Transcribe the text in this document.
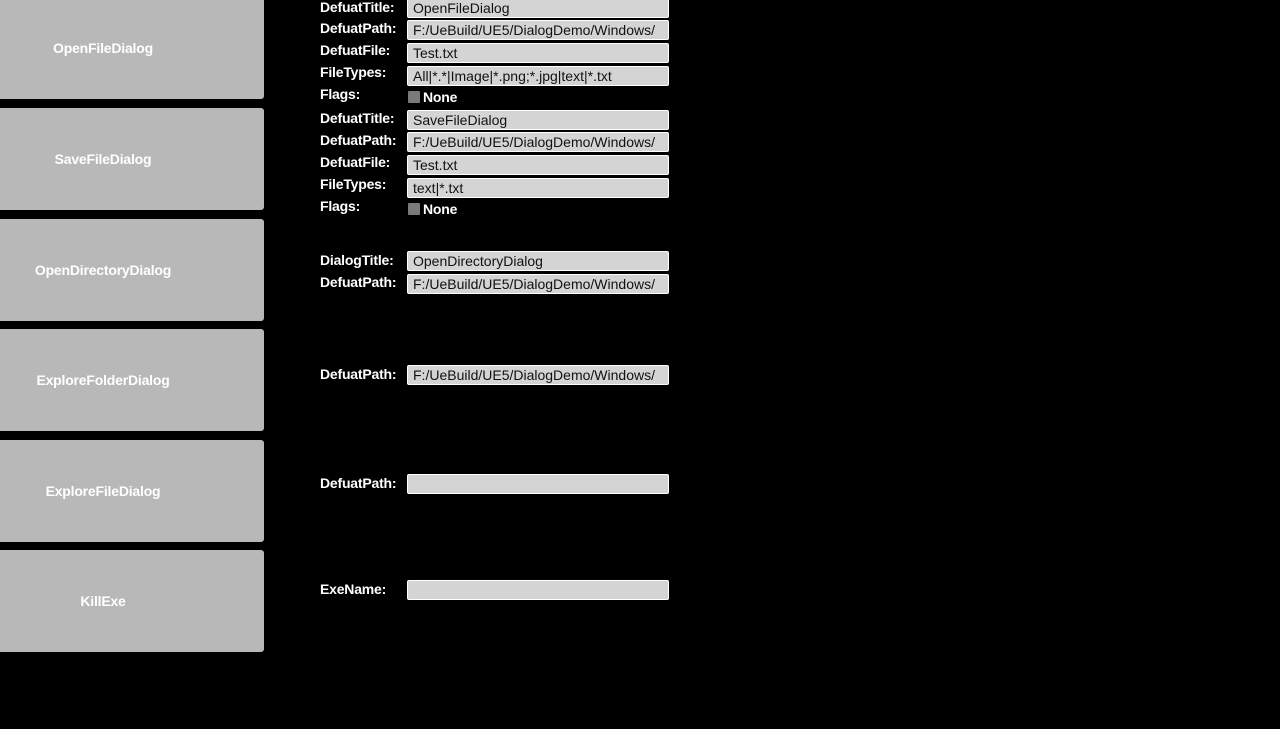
OpenFileDialog
SaveFileDialog
OpenDirectoryDialog
ExploreFolderDialog
ExploreFileDialog
KillExe
DefuatTitle:	OpenFileDialog
DefuatPath:	F:/UeBuild/UE5/DialogDemo/Windows/
DefuatFile:	Test.txt
FileTypes:	All|*.*|Image|*.png;*.jpg|text|*.txt
Flags:	None
DefuatTitle:	SaveFileDialog
DefuatPath:	F:/UeBuild/UE5/DialogDemo/Windows/
DefuatFile:	Test.txt
FileTypes:	text|*.txt
Flags:	None
DialogTitle:	OpenDirectoryDialog
DefuatPath:	F:/UeBuild/UE5/DialogDemo/Windows/
DefuatPath:	F:/UeBuild/UE5/DialogDemo/Windows/
DefuatPath:
ExeName:
